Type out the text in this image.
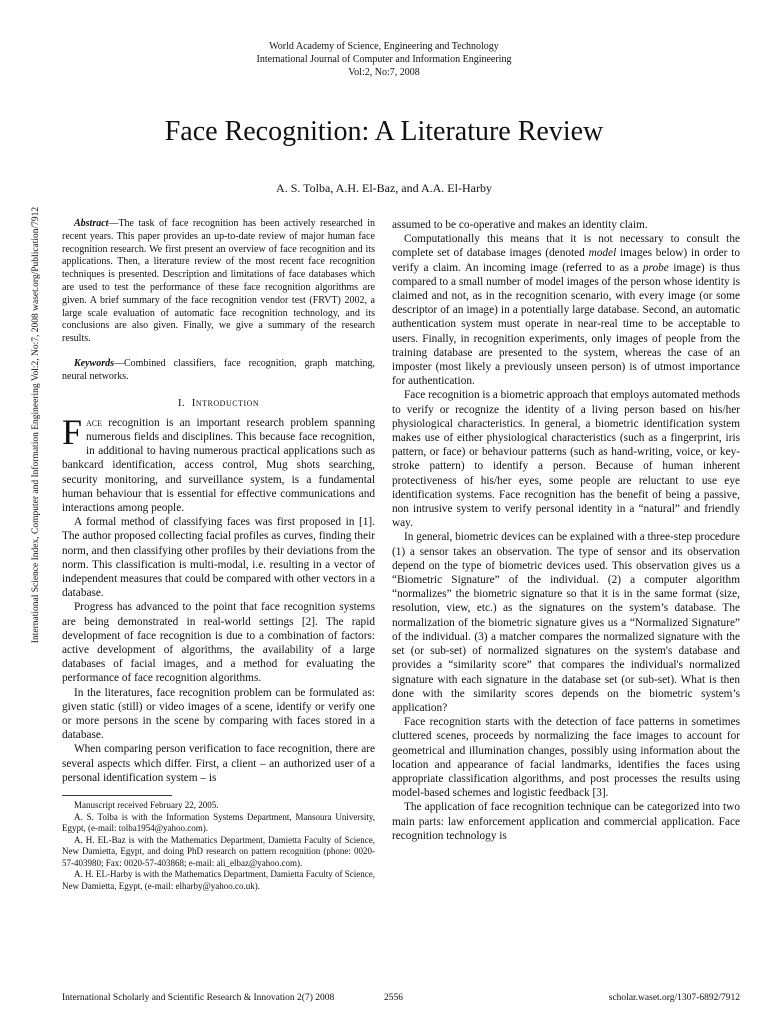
World Academy of Science, Engineering and Technology
International Journal of Computer and Information Engineering
Vol:2, No:7, 2008
Face Recognition: A Literature Review
A. S. Tolba, A.H. El-Baz, and A.A. El-Harby
International Science Index, Computer and Information Engineering Vol:2, No:7, 2008 waset.org/Publication/7912	Abstract—The task of face recognition has been actively researched in recent years. This paper provides an up-to-date review of major human face recognition research. We first present an overview of face recognition and its applications. Then, a literature review of the most recent face recognition techniques is presented. Description and limitations of face databases which are used to test the performance of these face recognition algorithms are given. A brief summary of the face recognition vendor test (FRVT) 2002, a large scale evaluation of automatic face recognition technology, and its conclusions are also given. Finally, we give a summary of the research results.

Keywords—Combined classifiers, face recognition, graph matching, neural networks.

I. Introduction

Face recognition is an important research problem spanning numerous fields and disciplines. This because face recognition, in additional to having numerous practical applications such as bankcard identification, access control, Mug shots searching, security monitoring, and surveillance system, is a fundamental human behaviour that is essential for effective communications and interactions among people.

A formal method of classifying faces was first proposed in [1]. The author proposed collecting facial profiles as curves, finding their norm, and then classifying other profiles by their deviations from the norm. This classification is multi-modal, i.e. resulting in a vector of independent measures that could be compared with other vectors in a database.

Progress has advanced to the point that face recognition systems are being demonstrated in real-world settings [2]. The rapid development of face recognition is due to a combination of factors: active development of algorithms, the availability of a large databases of facial images, and a method for evaluating the performance of face recognition algorithms.

In the literatures, face recognition problem can be formulated as: given static (still) or video images of a scene, identify or verify one or more persons in the scene by comparing with faces stored in a database.

When comparing person verification to face recognition, there are several aspects which differ. First, a client – an authorized user of a personal identification system – is

Manuscript received February 22, 2005.

A. S. Tolba is with the Information Systems Department, Mansoura University, Egypt, (e-mail: tolba1954@yahoo.com).

A. H. EL-Baz is with the Mathematics Department, Damietta Faculty of Science, New Damietta, Egypt, and doing PhD research on pattern recognition (phone: 0020-57-403980; Fax: 0020-57-403868; e-mail: ali_elbaz@yahoo.com).

A. H. EL-Harby is with the Mathematics Department, Damietta Faculty of Science, New Damietta, Egypt, (e-mail: elharby@yahoo.co.uk).

assumed to be co-operative and makes an identity claim.

Computationally this means that it is not necessary to consult the complete set of database images (denoted model images below) in order to verify a claim. An incoming image (referred to as a probe image) is thus compared to a small number of model images of the person whose identity is claimed and not, as in the recognition scenario, with every image (or some descriptor of an image) in a potentially large database. Second, an automatic authentication system must operate in near-real time to be acceptable to users. Finally, in recognition experiments, only images of people from the training database are presented to the system, whereas the case of an imposter (most likely a previously unseen person) is of utmost importance for authentication.

Face recognition is a biometric approach that employs automated methods to verify or recognize the identity of a living person based on his/her physiological characteristics. In general, a biometric identification system makes use of either physiological characteristics (such as a fingerprint, iris pattern, or face) or behaviour patterns (such as hand-writing, voice, or key-stroke pattern) to identify a person. Because of human inherent protectiveness of his/her eyes, some people are reluctant to use eye identification systems. Face recognition has the benefit of being a passive, non intrusive system to verify personal identity in a “natural” and friendly way.

In general, biometric devices can be explained with a three-step procedure (1) a sensor takes an observation. The type of sensor and its observation depend on the type of biometric devices used. This observation gives us a “Biometric Signature” of the individual. (2) a computer algorithm “normalizes” the biometric signature so that it is in the same format (size, resolution, view, etc.) as the signatures on the system’s database. The normalization of the biometric signature gives us a “Normalized Signature” of the individual. (3) a matcher compares the normalized signature with the set (or sub-set) of normalized signatures on the system's database and provides a “similarity score” that compares the individual's normalized signature with each signature in the database set (or sub-set). What is then done with the similarity scores depends on the biometric system’s application?

Face recognition starts with the detection of face patterns in sometimes cluttered scenes, proceeds by normalizing the face images to account for geometrical and illumination changes, possibly using information about the location and appearance of facial landmarks, identifies the faces using appropriate classification algorithms, and post processes the results using model-based schemes and logistic feedback [3].

The application of face recognition technique can be categorized into two main parts: law enforcement application and commercial application. Face recognition technology is

International Scholarly and Scientific Research & Innovation 2(7) 2008	2556	scholar.waset.org/1307-6892/7912
